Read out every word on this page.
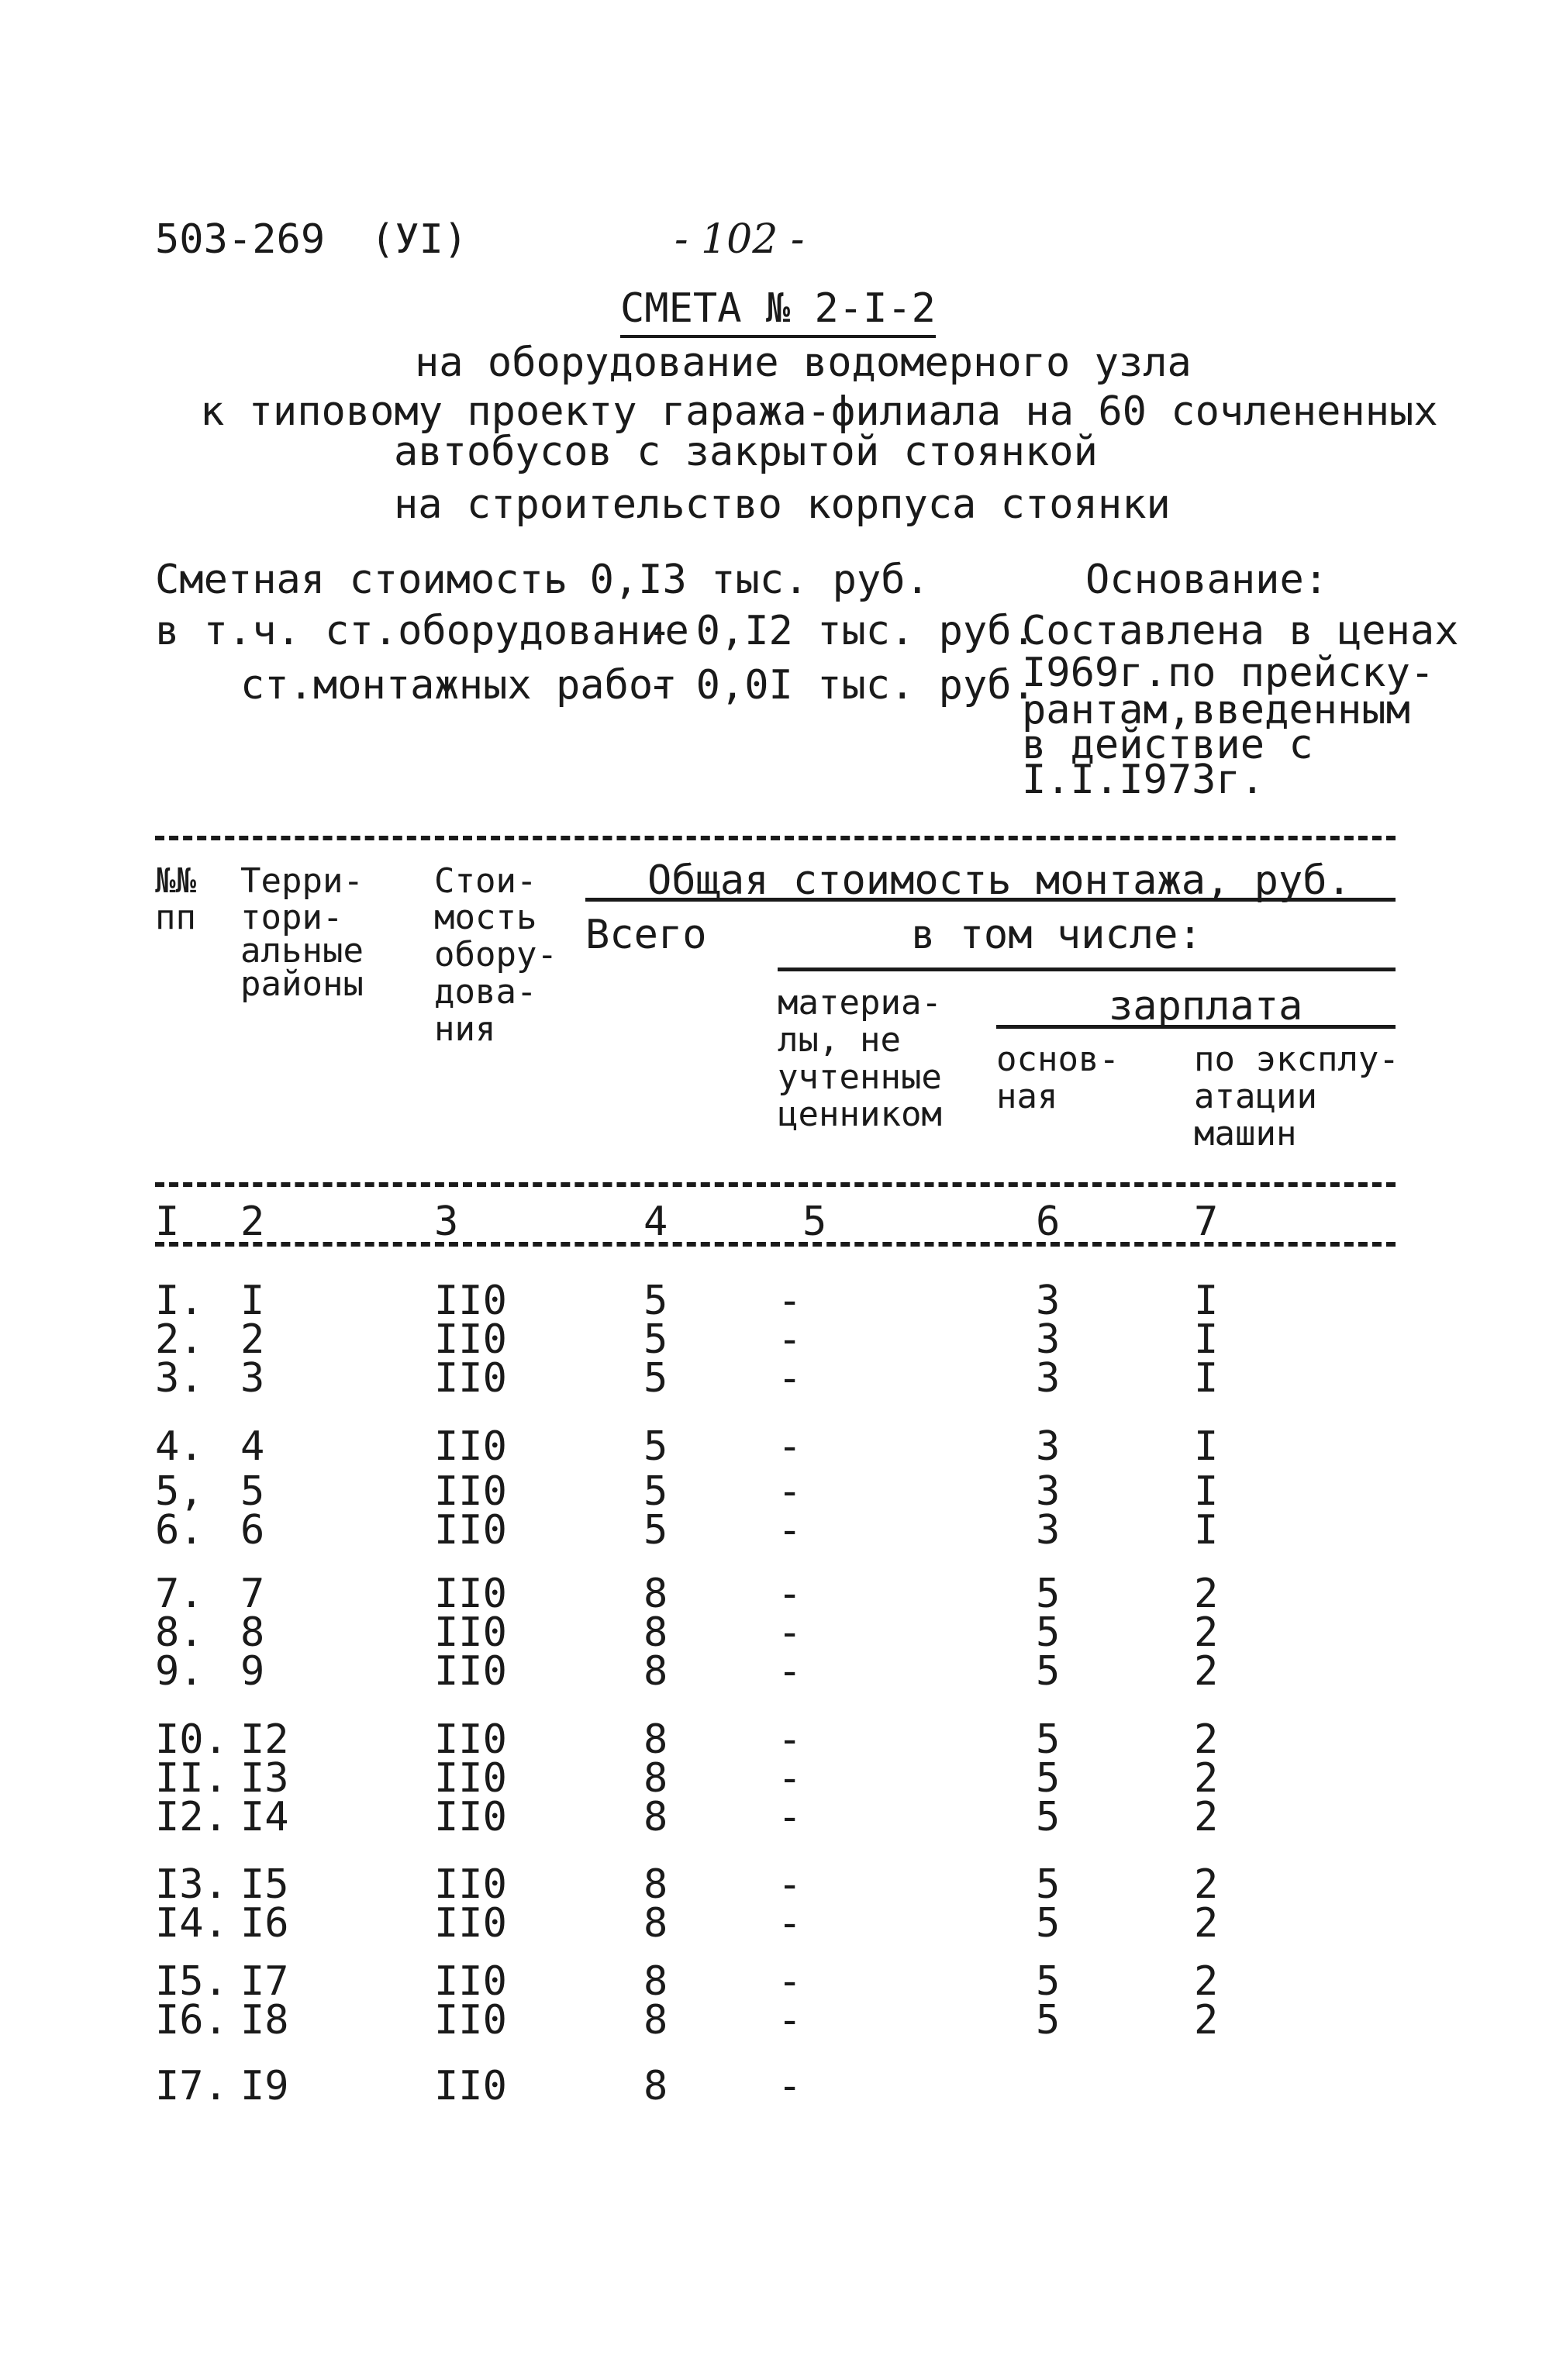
503-269 (УI)	- 102 -
СМЕТА № 2-I-2
на оборудование водомерного узла
к типовому проекту гаража-филиала на 60 сочлененных
автобусов с закрытой стоянкой
на строительство корпуса стоянки
Сметная стоимость
- 0,I3 тыс. руб.
в т.ч. ст.оборудование
- 0,I2 тыс. руб.
ст.монтажных работ
- 0,0I тыс. руб.
Основание:
Составлена в ценах
I969г.по прейску-
рантам,введенным
в действие с
I.I.I973г.
№№
пп
Терри-
тори-
альные
районы
Стои-
мость
обору-
дова-
ния
Общая стоимость монтажа, руб.
Всего	в том числе:
материа-
лы, не
учтенные
ценником
зарплата
основ-
ная
по эксплу-
атации
машин
I 2	3	4	5	6	7
I. I	II0	5	-	3	I
2. 2	II0	5	-	3	I
3. 3	II0	5	-	3	I
4. 4	II0	5	-	3	I
5, 5	II0	5	-	3	I
6. 6	II0	5	-	3	I
7. 7	II0	8	-	5	2
8. 8	II0	8	-	5	2
9. 9	II0	8	-	5	2
I0. I2	II0	8	-	5	2
II. I3	II0	8	-	5	2
I2. I4	II0	8	-	5	2
I3. I5	II0	8	-	5	2
I4. I6	II0	8	-	5	2
I5. I7	II0	8	-	5	2
I6. I8	II0	8	-	5	2
I7. I9	II0	8	-
